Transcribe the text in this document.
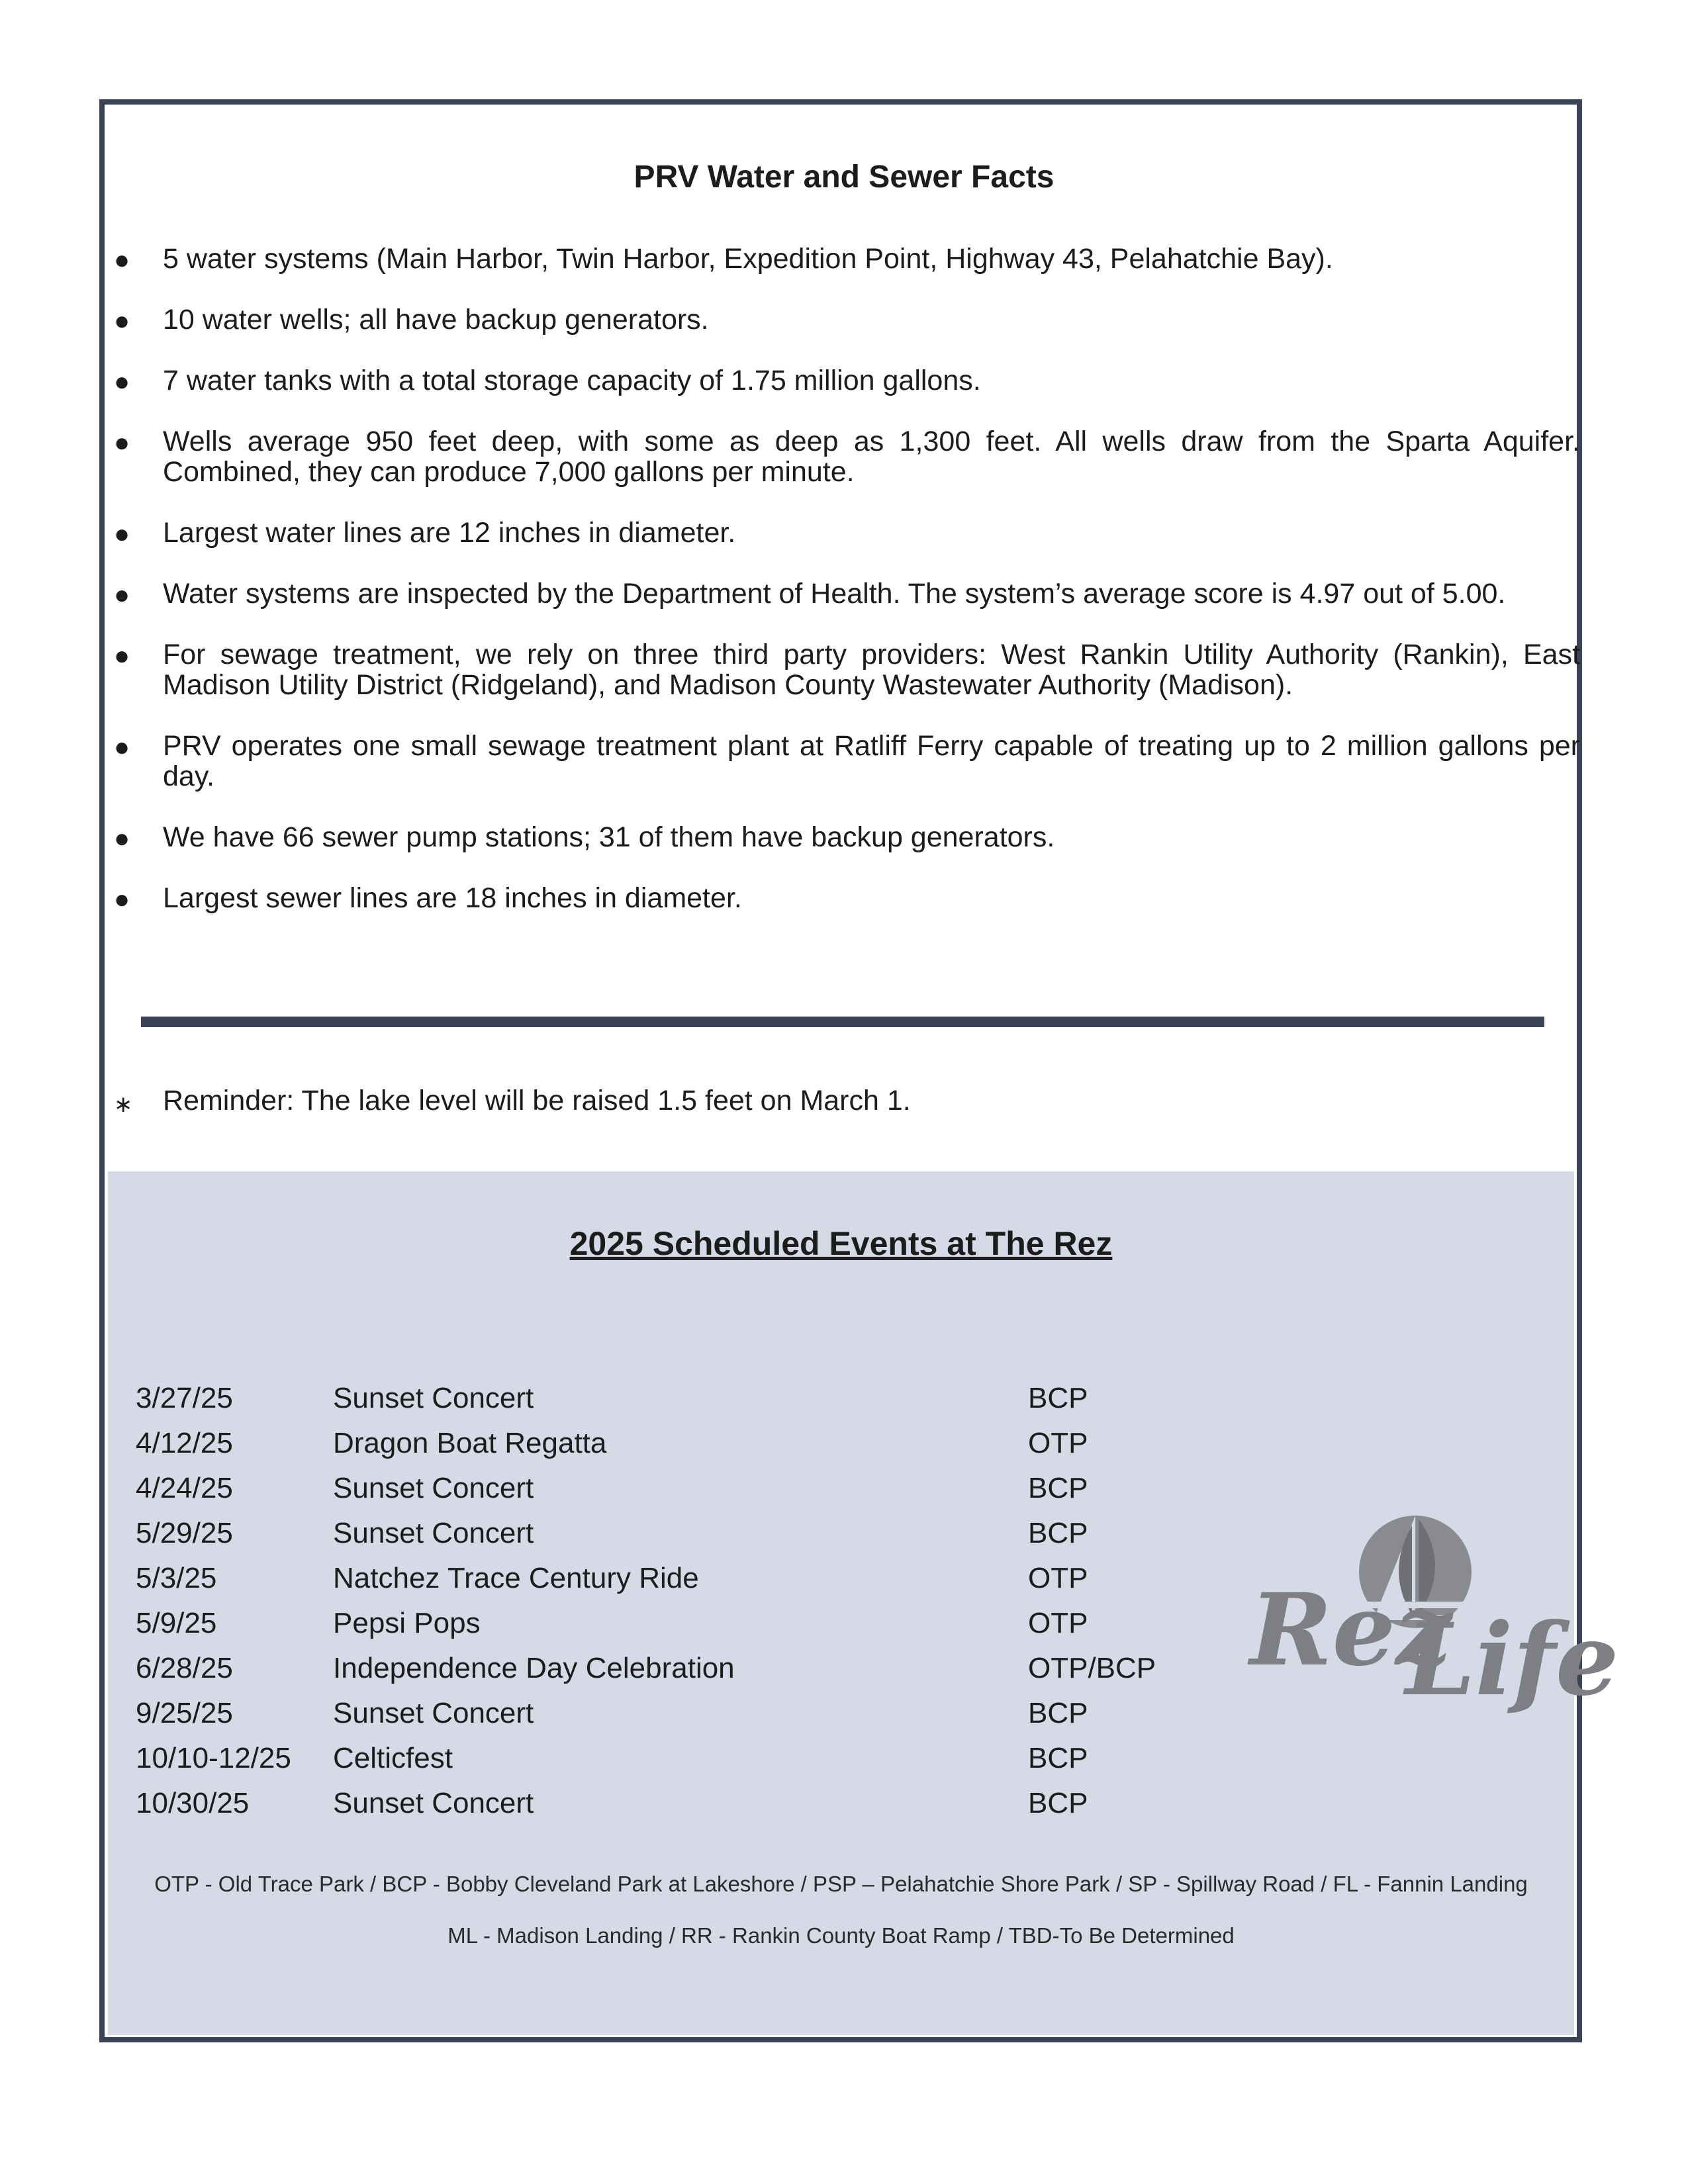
PRV Water and Sewer Facts
● 5 water systems (Main Harbor, Twin Harbor, Expedition Point, Highway 43, Pelahatchie Bay).
● 10 water wells; all have backup generators.
● 7 water tanks with a total storage capacity of 1.75 million gallons.
● Wells average 950 feet deep, with some as deep as 1,300 feet. All wells draw from the Sparta Aquifer. Combined, they can produce 7,000 gallons per minute.
● Largest water lines are 12 inches in diameter.
● Water systems are inspected by the Department of Health. The system’s average score is 4.97 out of 5.00.
● For sewage treatment, we rely on three third party providers: West Rankin Utility Authority (Rankin), East Madison Utility District (Ridgeland), and Madison County Wastewater Authority (Madison).
● PRV operates one small sewage treatment plant at Ratliff Ferry capable of treating up to 2 million gallons per day.
● We have 66 sewer pump stations; 31 of them have backup generators.
● Largest sewer lines are 18 inches in diameter.
∗ Reminder: The lake level will be raised 1.5 feet on March 1.
2025 Scheduled Events at The Rez
3/27/25	Sunset Concert	BCP
4/12/25	Dragon Boat Regatta	OTP
4/24/25	Sunset Concert	BCP
5/29/25	Sunset Concert	BCP
5/3/25	Natchez Trace Century Ride	OTP
5/9/25	Pepsi Pops	OTP
6/28/25	Independence Day Celebration	OTP/BCP
9/25/25	Sunset Concert	BCP
10/10-12/25 Celticfest	BCP
10/30/25	Sunset Concert	BCP
OTP - Old Trace Park / BCP - Bobby Cleveland Park at Lakeshore / PSP – Pelahatchie Shore Park / SP - Spillway Road / FL - Fannin Landing
ML - Madison Landing / RR - Rankin County Boat Ramp / TBD-To Be Determined
Rez
Life
